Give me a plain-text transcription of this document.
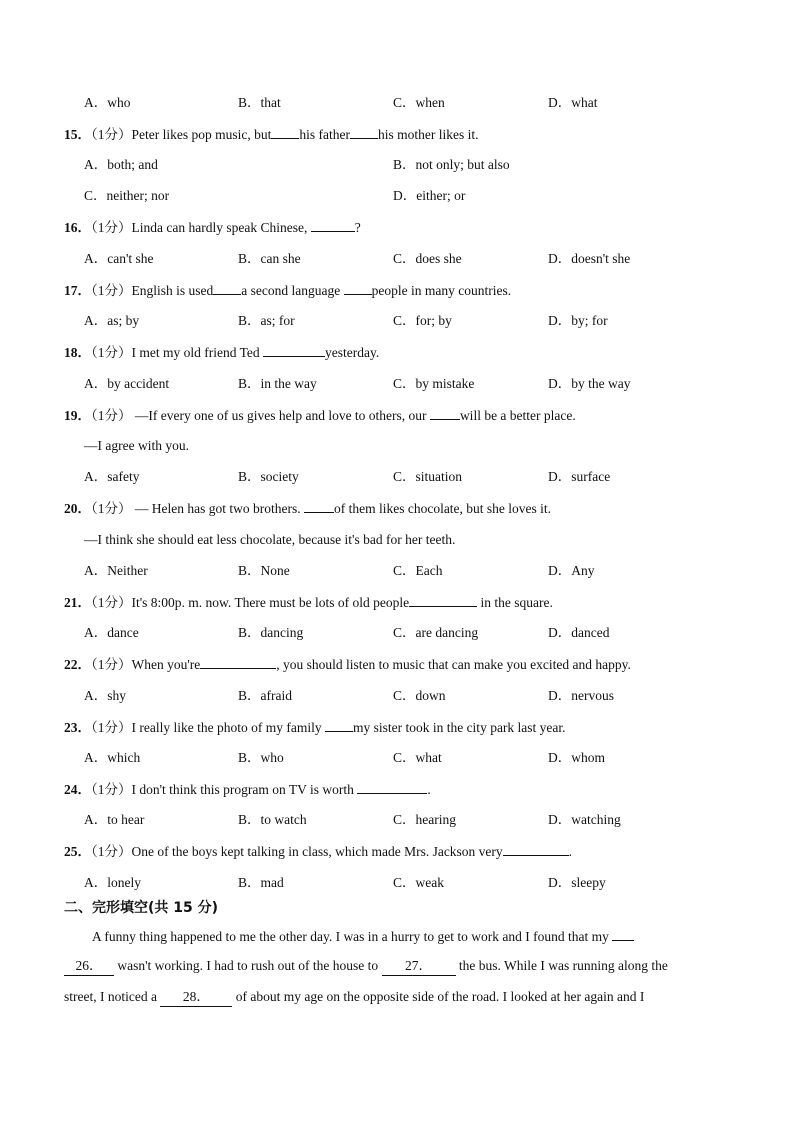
A．who	B．that	C．when	D．what
15．（1分）Peter likes pop music, but his father his mother likes it.
A．both; and	B．not only; but also
C．neither; nor	D．either; or
16．（1分）Linda can hardly speak Chinese,	?
A．can't she	B．can she	C．does she	D．doesn't she
17．（1分）English is used a second language people in many countries.
A．as; by	B．as; for	C．for; by	D．by; for
18．（1分）I met my old friend Ted	yesterday.
A．by accident	B．in the way	C．by mistake	D．by the way
19．（1分） —If every one of us gives help and love to others, our will be a better place.
—I agree with you.
A．safety	B．society	C．situation	D．surface
20．（1分） — Helen has got two brothers. of them likes chocolate, but she loves it.
—I think she should eat less chocolate, because it's bad for her teeth.
A．Neither	B．None	C．Each	D．Any
21．（1分）It's 8:00p. m. now. There must be lots of old people	in the square.
A．dance	B．dancing	C．are dancing	D．danced
22．（1分）When you're	, you should listen to music that can make you excited and happy.
A．shy	B．afraid	C．down	D．nervous
23．（1分）I really like the photo of my family my sister took in the city park last year.
A．which	B．who	C．what	D．whom
24．（1分）I don't think this program on TV is worth	.
A．to hear	B．to watch	C．hearing	D．watching
25．（1分）One of the boys kept talking in class, which made Mrs. Jackson very	.
A．lonely	B．mad	C．weak	D．sleepy
二、完形填空(共 15 分)
A funny thing happened to me the other day. I was in a hurry to get to work and I found that my
26． wasn't working. I had to rush out of the house to 27． the bus. While I was running along the
street, I noticed a 28． of about my age on the opposite side of the road. I looked at her again and I
